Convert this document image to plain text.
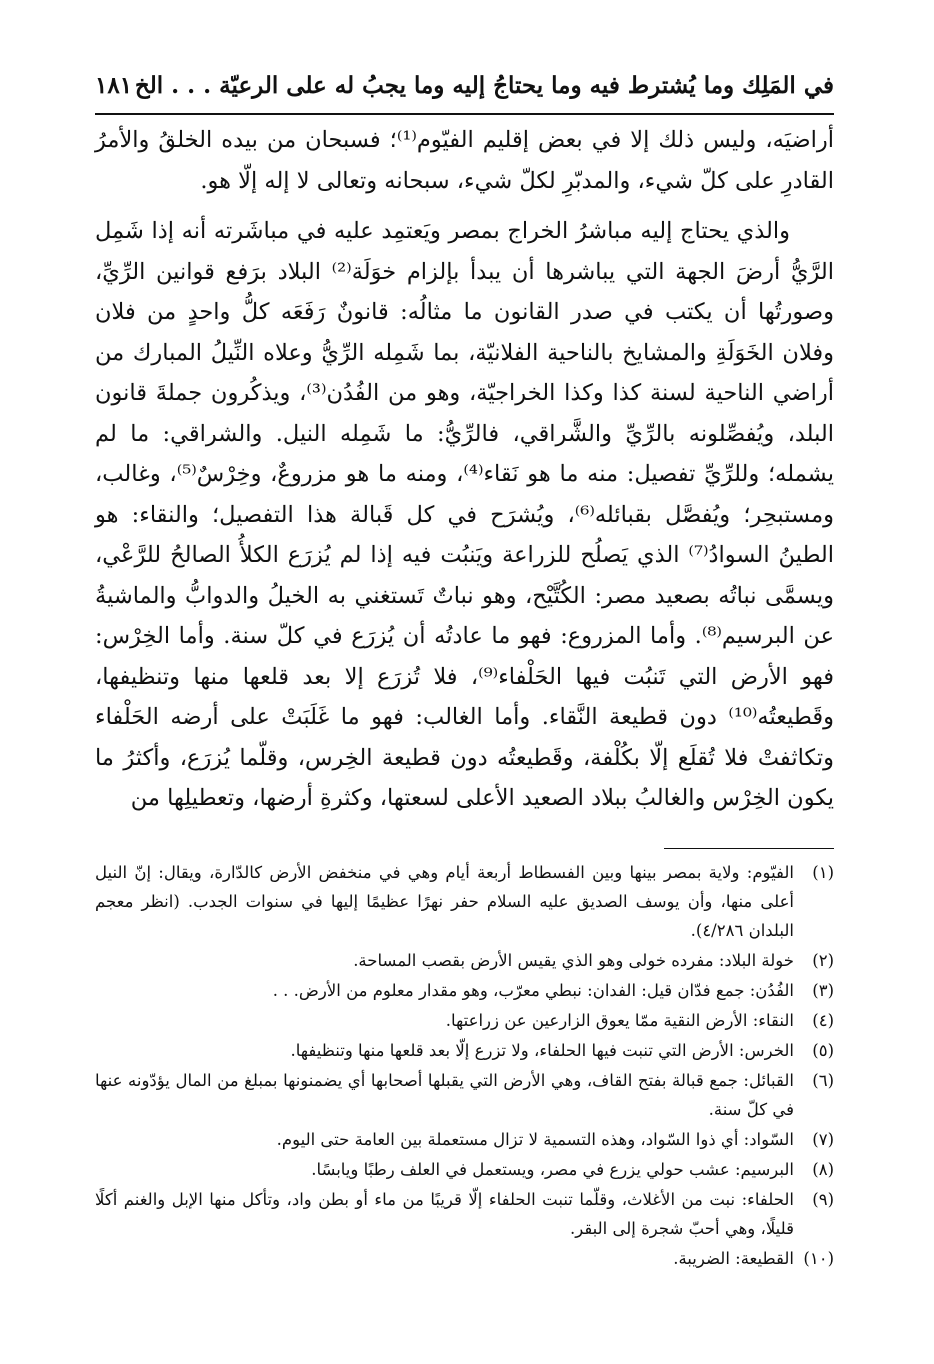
في المَلِك وما يُشترط فيه وما يحتاجُ إليه وما يجبُ له على الرعيّة . . . الخ
١٨١

أراضيَه، وليس ذلك إلا في بعض إقليم الفيّوم⁽¹⁾؛ فسبحان من بيده الخلقُ والأمرُ القادرِ على كلّ شيء، والمدبّرِ لكلّ شيء، سبحانه وتعالى لا إله إلّا هو.

والذي يحتاج إليه مباشرُ الخراج بمصر ويَعتمِد عليه في مباشَرته أنه إذا شَمِل الرَّيُّ أرضَ الجهة التي يباشرها أن يبدأ بإلزام خوَلَة⁽²⁾ البلاد برَفع قوانين الرِّيِّ، وصورتُها أن يكتب في صدر القانون ما مثالُه: قانونٌ رَفَعَه كلُّ واحدٍ من فلان وفلان الخَوَلَةِ والمشايخ بالناحية الفلانيّة، بما شَمِله الرِّيُّ وعلاه النِّيلُ المبارك من أراضي الناحية لسنة كذا وكذا الخراجيّة، وهو من الفُدُن⁽³⁾، ويذكُرون جملةَ قانون البلد، ويُفصِّلونه بالرِّيِّ والشَّراقي، فالرِّيُّ: ما شَمِله النيل. والشراقي: ما لم يشمله؛ وللرِّيِّ تفصيل: منه ما هو نَقاء⁽⁴⁾، ومنه ما هو مزروعٌ، وخِرْسٌ⁽⁵⁾، وغالب، ومستبحِر؛ ويُفصَّل بقبائله⁽⁶⁾، ويُشرَح في كل قَبالة هذا التفصيل؛ والنقاء: هو الطينُ السوادُ⁽⁷⁾ الذي يَصلُح للزراعة ويَنبُت فيه إذا لم يُزرَع الكلأُ الصالحُ للرَّعْي، ويسمَّى نباتُه بصعيد مصر: الكُتَّيْح، وهو نباتٌ تَستغني به الخيلُ والدوابُّ والماشيةُ عن البرسيم⁽⁸⁾. وأما المزروع: فهو ما عادتُه أن يُزرَع في كلّ سنة. وأما الخِرْس: فهو الأرض التي تَنبُت فيها الحَلْفاء⁽⁹⁾، فلا تُزرَع إلا بعد قلعها منها وتنظيفها، وقَطيعتُه⁽¹⁰⁾ دون قطيعة النَّقاء. وأما الغالب: فهو ما غَلَبَتْ على أرضه الحَلْفاء وتكاثفتْ فلا تُقلَع إلّا بكُلْفة، وقَطيعتُه دون قطيعة الخِرس، وقلّما يُزرَع، وأكثرُ ما يكون الخِرْس والغالبُ ببلاد الصعيد الأعلى لسعتها، وكثرةِ أرضها، وتعطيلِها من

(١)
الفيّوم: ولاية بمصر بينها وبين الفسطاط أربعة أيام وهي في منخفض الأرض كالدّارة، ويقال: إنّ النيل أعلى منها، وأن يوسف الصديق عليه السلام حفر نهرًا عظيمًا إليها في سنوات الجدب. (انظر معجم البلدان ٤/٢٨٦).
(٢)
خولة البلاد: مفرده خولى وهو الذي يقيس الأرض بقصب المساحة.
(٣)
الفُدُن: جمع فدّان قيل: الفدان: نبطي معرّب، وهو مقدار معلوم من الأرض. . .
(٤)
النقاء: الأرض النقية ممّا يعوق الزارعين عن زراعتها.
(٥)
الخرس: الأرض التي تنبت فيها الحلفاء، ولا تزرع إلّا بعد قلعها منها وتنظيفها.
(٦)
القبائل: جمع قبالة بفتح القاف، وهي الأرض التي يقبلها أصحابها أي يضمنونها بمبلغ من المال يؤدّونه عنها في كلّ سنة.
(٧)
السّواد: أي ذوا السّواد، وهذه التسمية لا تزال مستعملة بين العامة حتى اليوم.
(٨)
البرسيم: عشب حولي يزرع في مصر، ويستعمل في العلف رطبًا ويابسًا.
(٩)
الحلفاء: نبت من الأغلاث، وقلّما تنبت الحلفاء إلّا قريبًا من ماء أو بطن واد، وتأكل منها الإبل والغنم أكلًا قليلًا، وهي أحبّ شجرة إلى البقر.
(١٠)
القطيعة: الضريبة.
